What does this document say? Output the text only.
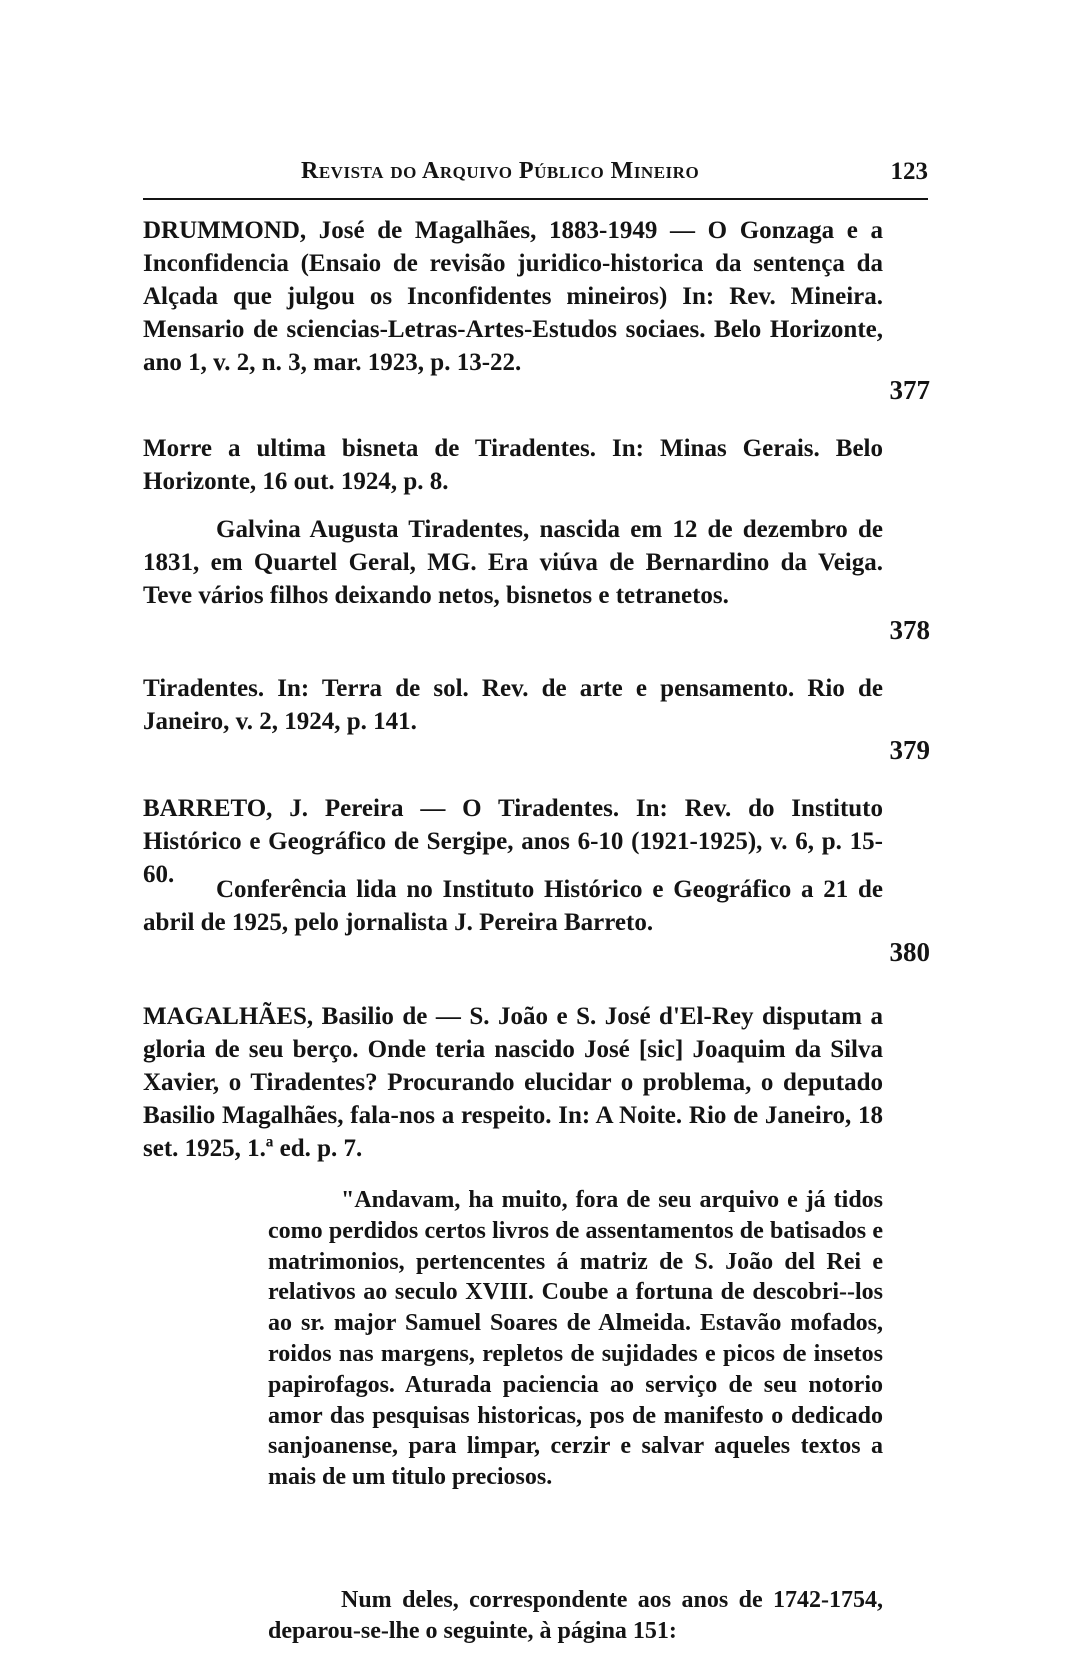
Revista do Arquivo Público Mineiro	123

DRUMMOND, José de Magalhães, 1883-1949 — O Gonzaga e a Inconfidencia (Ensaio de revisão juridico-historica da sentença da Alçada que julgou os Inconfidentes mineiros) In: Rev. Mineira. Mensario de sciencias-Letras-Artes-Estudos sociaes. Belo Horizonte, ano 1, v. 2, n. 3, mar. 1923, p. 13-22.

377

Morre a ultima bisneta de Tiradentes. In: Minas Gerais. Belo Horizonte, 16 out. 1924, p. 8.

Galvina Augusta Tiradentes, nascida em 12 de dezembro de 1831, em Quartel Geral, MG. Era viúva de Bernardino da Veiga. Teve vários filhos deixando netos, bisnetos e tetranetos.

378

Tiradentes. In: Terra de sol. Rev. de arte e pensamento. Rio de Janeiro, v. 2, 1924, p. 141.

379

BARRETO, J. Pereira — O Tiradentes. In: Rev. do Instituto Histórico e Geográfico de Sergipe, anos 6-10 (1921-1925), v. 6, p. 15-60.

Conferência lida no Instituto Histórico e Geográfico a 21 de abril de 1925, pelo jornalista J. Pereira Barreto.

380

MAGALHÃES, Basilio de — S. João e S. José d'El-Rey disputam a gloria de seu berço. Onde teria nascido José [sic] Joaquim da Silva Xavier, o Tiradentes? Procurando elucidar o problema, o deputado Basilio Magalhães, fala-nos a respeito. In: A Noite. Rio de Janeiro, 18 set. 1925, 1.ª ed. p. 7.

"Andavam, ha muito, fora de seu arquivo e já tidos como perdidos certos livros de assentamentos de batisados e matrimonios, pertencentes á matriz de S. João del Rei e relativos ao seculo XVIII. Coube a fortuna de descobri--los ao sr. major Samuel Soares de Almeida. Estavão mofados, roidos nas margens, repletos de sujidades e picos de insetos papirofagos. Aturada paciencia ao serviço de seu notorio amor das pesquisas historicas, pos de manifesto o dedicado sanjoanense, para limpar, cerzir e salvar aqueles textos a mais de um titulo preciosos.

Num deles, correspondente aos anos de 1742-1754, deparou-se-lhe o seguinte, à página 151:
